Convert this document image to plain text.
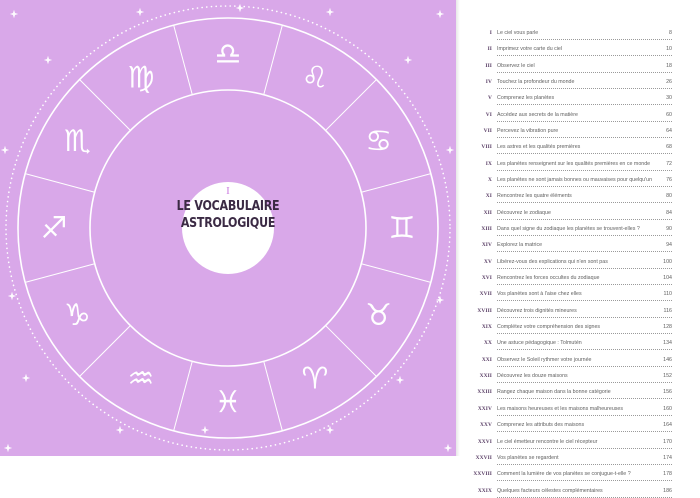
♈
♉
♊
♋
♌
♍
♎
♏
♐
♑
♒
♓
I
LE VOCABULAIRE
ASTROLOGIQUE
I Le ciel vous parle	8
II Imprimez votre carte du ciel	10
III Observez le ciel	18
IV Touchez la profondeur du monde	26
V Comprenez les planètes	30
VI Accédez aux secrets de la matière	60
VII Percevez la vibration pure	64
VIII Les astres et les qualités premières	68
IX Les planètes renseignent sur les qualités premières en ce monde	72
X Les planètes ne sont jamais bonnes ou mauvaises pour quelqu'un	76
XI Rencontrez les quatre éléments	80
XII Découvrez le zodiaque	84
XIII Dans quel signe du zodiaque les planètes se trouvent-elles ?	90
XIV Explorez la matrice	94
XV Libérez-vous des explications qui n'en sont pas	100
XVI Rencontrez les forces occultes du zodiaque	104
XVII Vos planètes sont à l'aise chez elles	110
XVIII Découvrez trois dignités mineures	116
XIX Complétez votre compréhension des signes	128
XX Une astuce pédagogique : Tolmutén	134
XXI Observez le Soleil rythmer votre journée	146
XXII Découvrez les douze maisons	152
XXIII Rangez chaque maison dans la bonne catégorie	156
XXIV Les maisons heureuses et les maisons malheureuses	160
XXV Comprenez les attributs des maisons	164
XXVI Le ciel émetteur rencontre le ciel récepteur	170
XXVII Vos planètes se regardent	174
XXVIII Comment la lumière de vos planètes se conjugue-t-elle ?	178
XXIX Quelques facteurs célestes complémentaires	186
